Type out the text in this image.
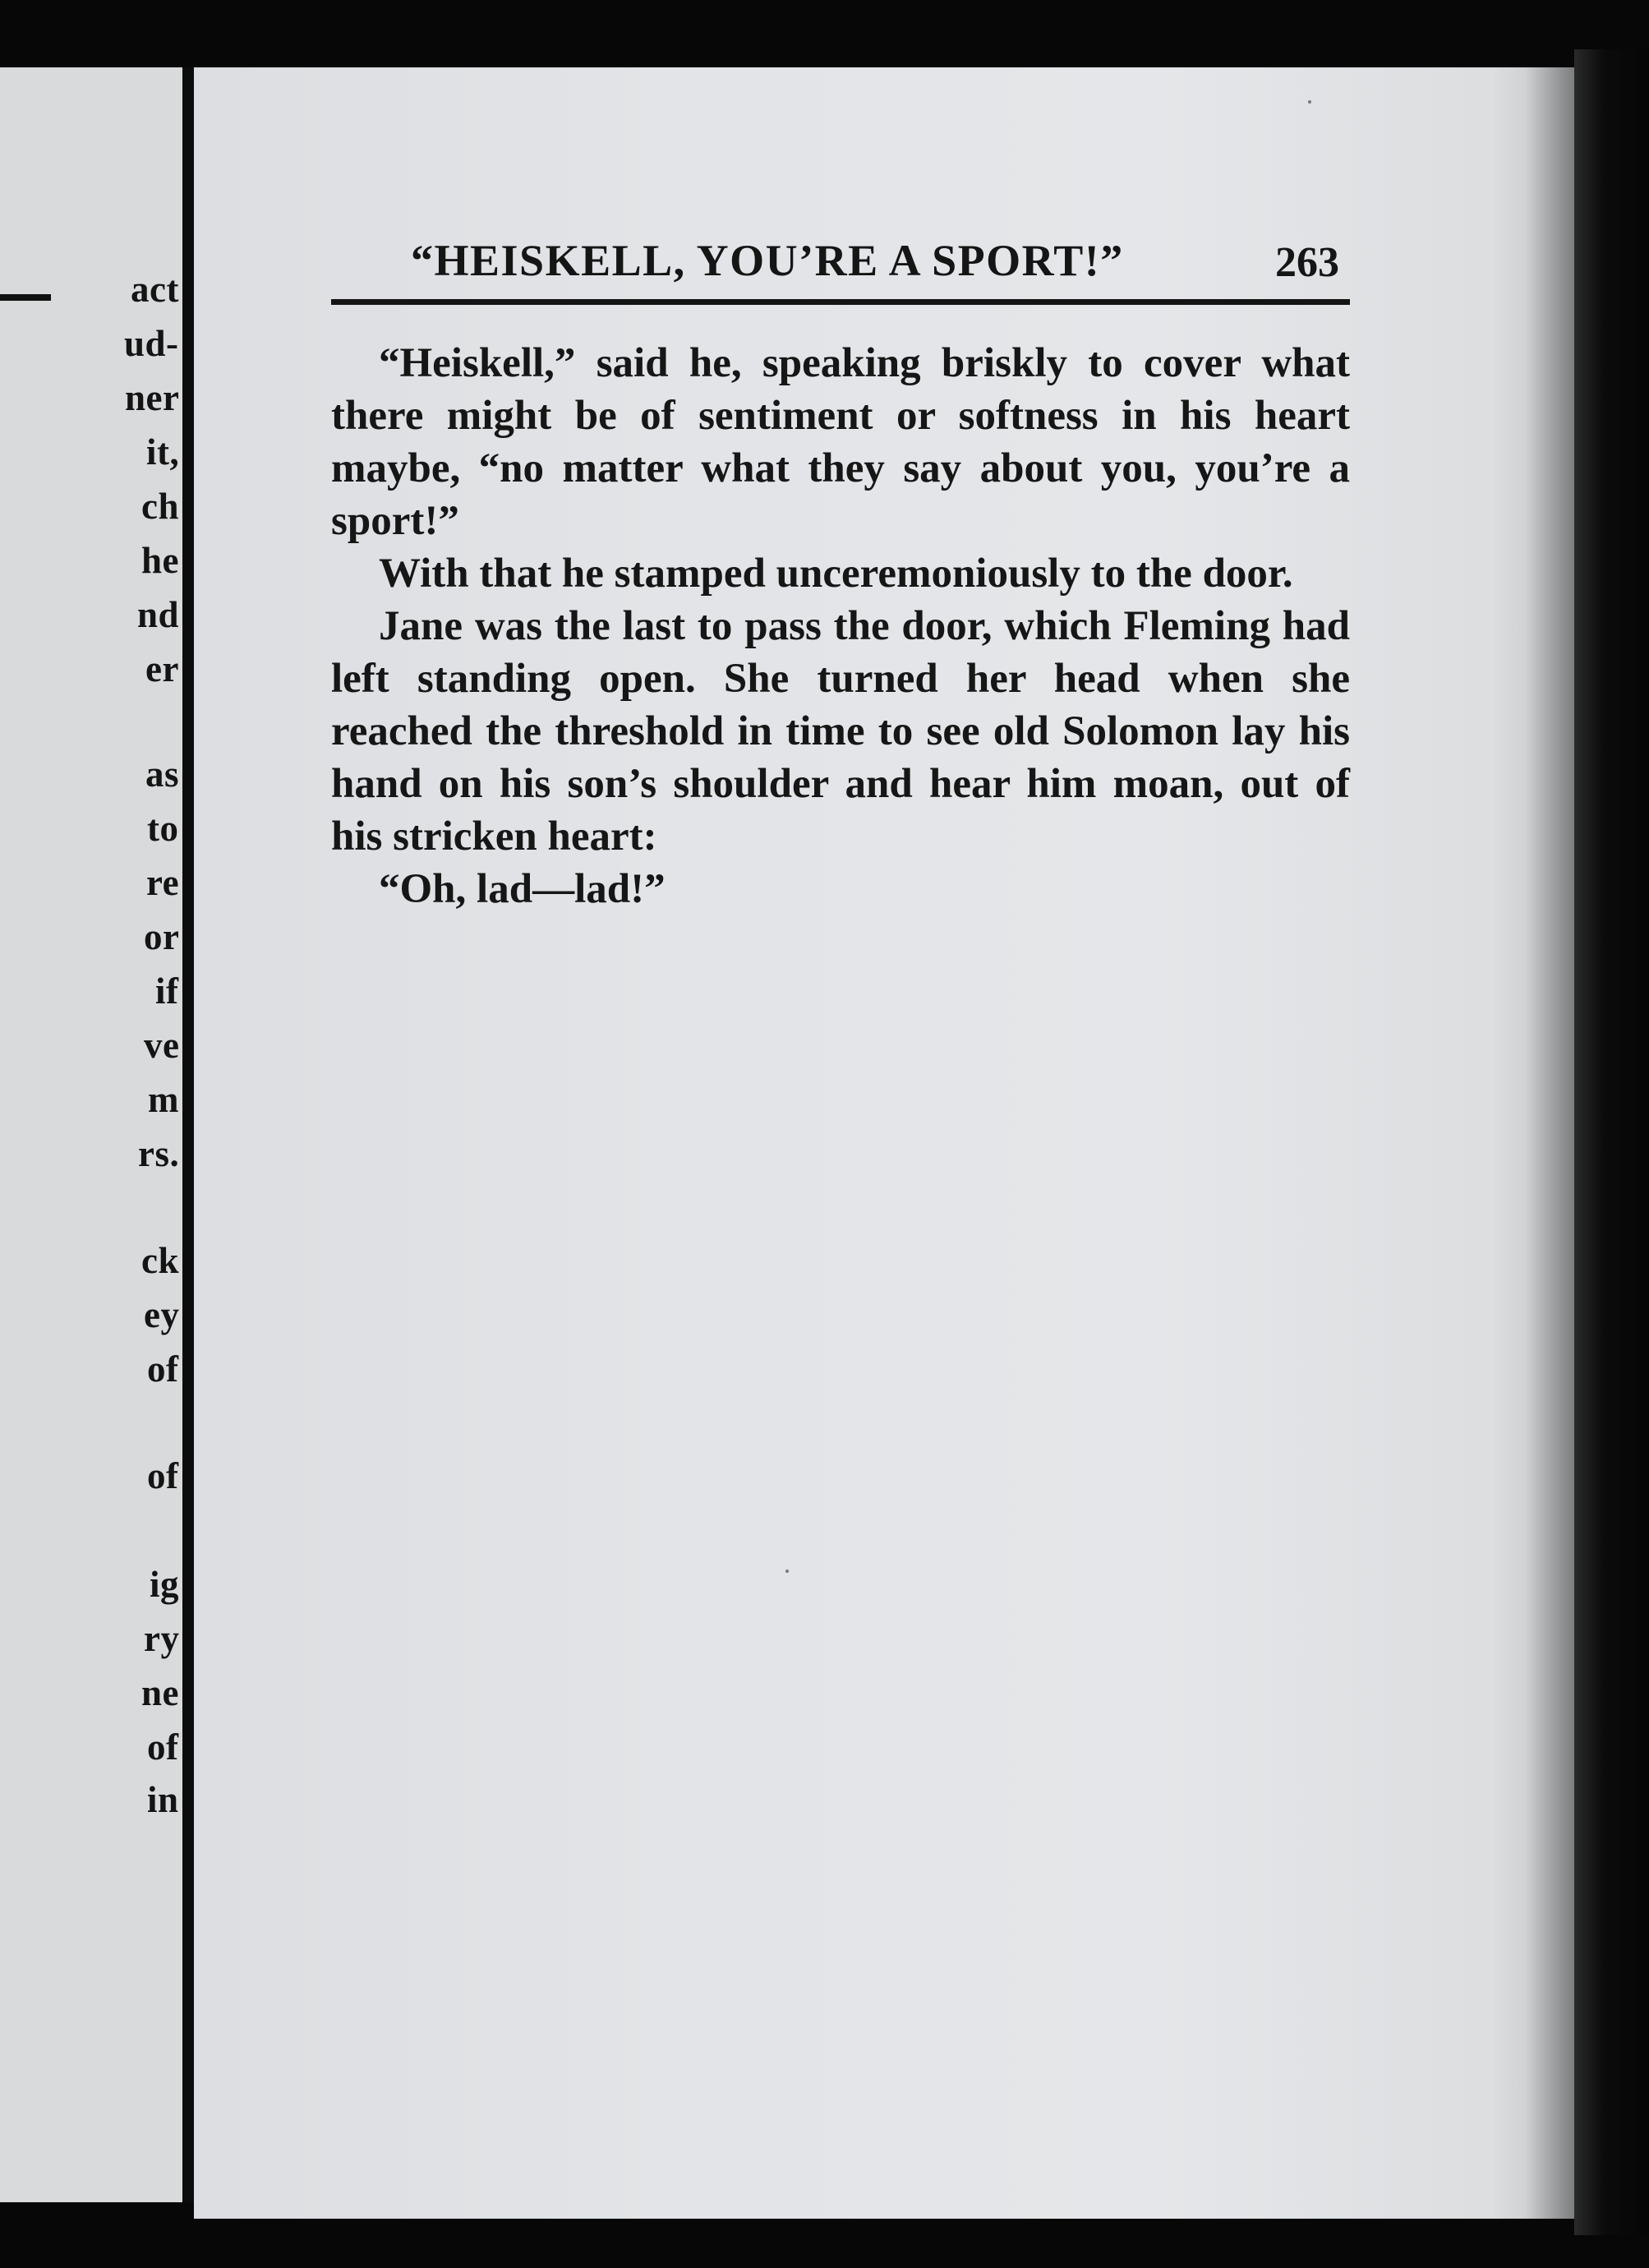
act
ud-
ner
it,
ch
he
nd
er
as
to
re
or
if
ve
m
rs.
ck
ey
of
of
ig
ry
ne
of
in
“HEISKELL, YOU’RE A SPORT!”	263

“Heiskell,” said he, speaking briskly to cover what there might be of sentiment or softness in his heart maybe, “no matter what they say about you, you’re a sport!”

With that he stamped unceremoniously to the door.

Jane was the last to pass the door, which Fleming had left standing open. She turned her head when she reached the threshold in time to see old Solomon lay his hand on his son’s shoulder and hear him moan, out of his stricken heart:

“Oh, lad—lad!”
